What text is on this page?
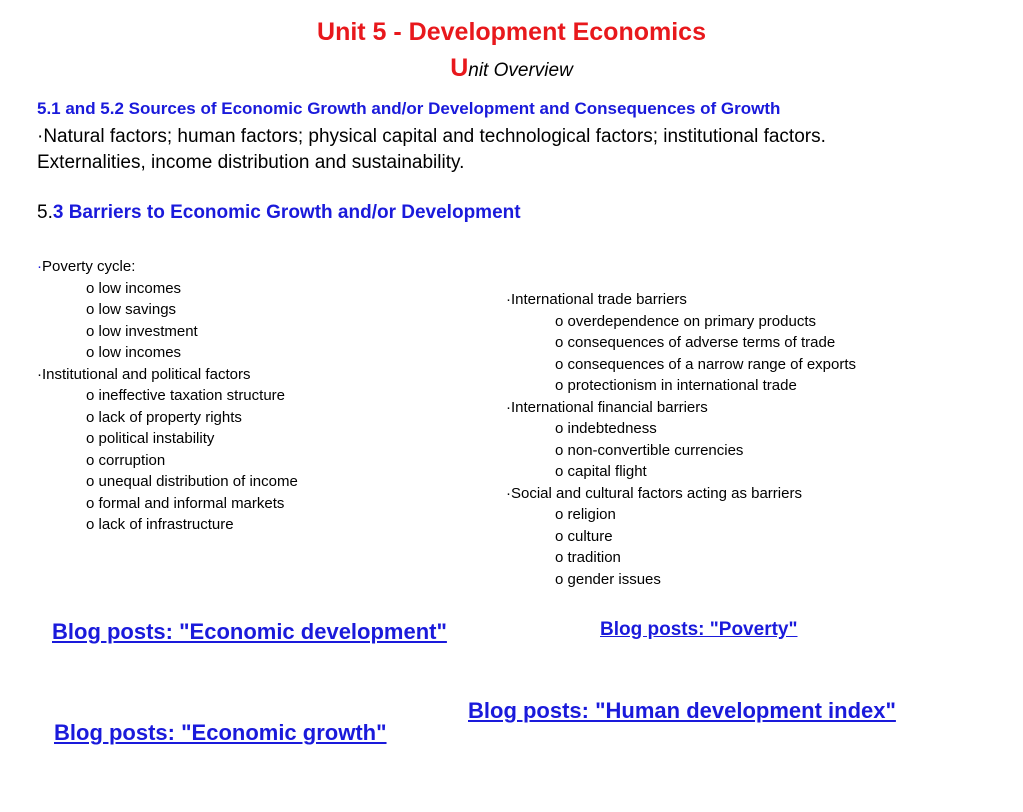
Unit 5 - Development Economics
Unit Overview
5.1 and 5.2 Sources of Economic Growth and/or Development and Consequences of Growth
·Natural factors; human factors; physical capital and technological factors; institutional factors.
Externalities, income distribution and sustainability.
5.3 Barriers to Economic Growth and/or Development
·Poverty cycle:
o low incomes
o low savings
o low investment
o low incomes
·Institutional and political factors
o ineffective taxation structure
o lack of property rights
o political instability
o corruption
o unequal distribution of income
o formal and informal markets
o lack of infrastructure
·International trade barriers
o overdependence on primary products
o consequences of adverse terms of trade
o consequences of a narrow range of exports
o protectionism in international trade
·International financial barriers
o indebtedness
o non-convertible currencies
o capital flight
·Social and cultural factors acting as barriers
o religion
o culture
o tradition
o gender issues
Blog posts: "Economic development"	Blog posts: "Poverty"
Blog posts: "Human development index"
Blog posts: "Economic growth"
